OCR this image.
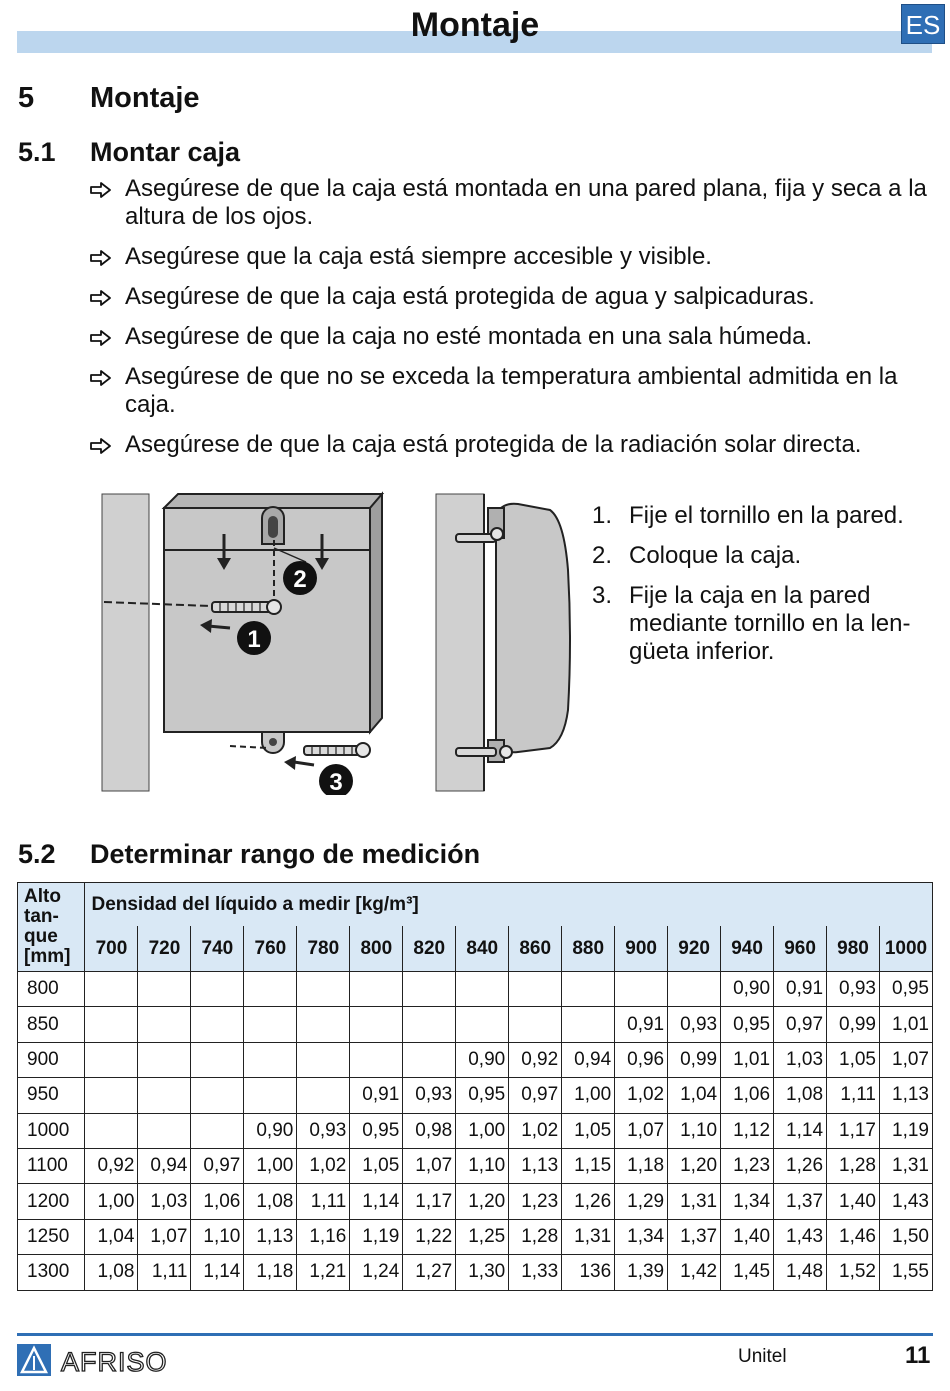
Montaje	ES
5 Montaje
5.1 Montar caja
Asegúrese de que la caja está montada en una pared plana, fija y seca a la altura de los ojos.
Asegúrese que la caja está siempre accesible y visible.
Asegúrese de que la caja está protegida de agua y salpicaduras.
Asegúrese de que la caja no esté montada en una sala húmeda.
Asegúrese de que no se exceda la temperatura ambiental admitida en la caja.
Asegúrese de que la caja está protegida de la radiación solar directa.
1
2
3
1. Fije el tornillo en la pared.
2. Coloque la caja.
3. Fije la caja en la pared mediante tornillo en la len-güeta inferior.
5.2 Determinar rango de medición
Alto tan-que [mm]	Densidad del líquido a medir [kg/m³]															
	700	720	740	760	780	800	820	840	860	880	900	920	940	960	980	1000
800													0,90	0,91	0,93	0,95
850											0,91	0,93	0,95	0,97	0,99	1,01
900								0,90	0,92	0,94	0,96	0,99	1,01	1,03	1,05	1,07
950						0,91	0,93	0,95	0,97	1,00	1,02	1,04	1,06	1,08	1,11	1,13
1000				0,90	0,93	0,95	0,98	1,00	1,02	1,05	1,07	1,10	1,12	1,14	1,17	1,19
1100	0,92	0,94	0,97	1,00	1,02	1,05	1,07	1,10	1,13	1,15	1,18	1,20	1,23	1,26	1,28	1,31
1200	1,00	1,03	1,06	1,08	1,11	1,14	1,17	1,20	1,23	1,26	1,29	1,31	1,34	1,37	1,40	1,43
1250	1,04	1,07	1,10	1,13	1,16	1,19	1,22	1,25	1,28	1,31	1,34	1,37	1,40	1,43	1,46	1,50
1300	1,08	1,11	1,14	1,18	1,21	1,24	1,27	1,30	1,33	136	1,39	1,42	1,45	1,48	1,52	1,55
AFRISO	Unitel	11
